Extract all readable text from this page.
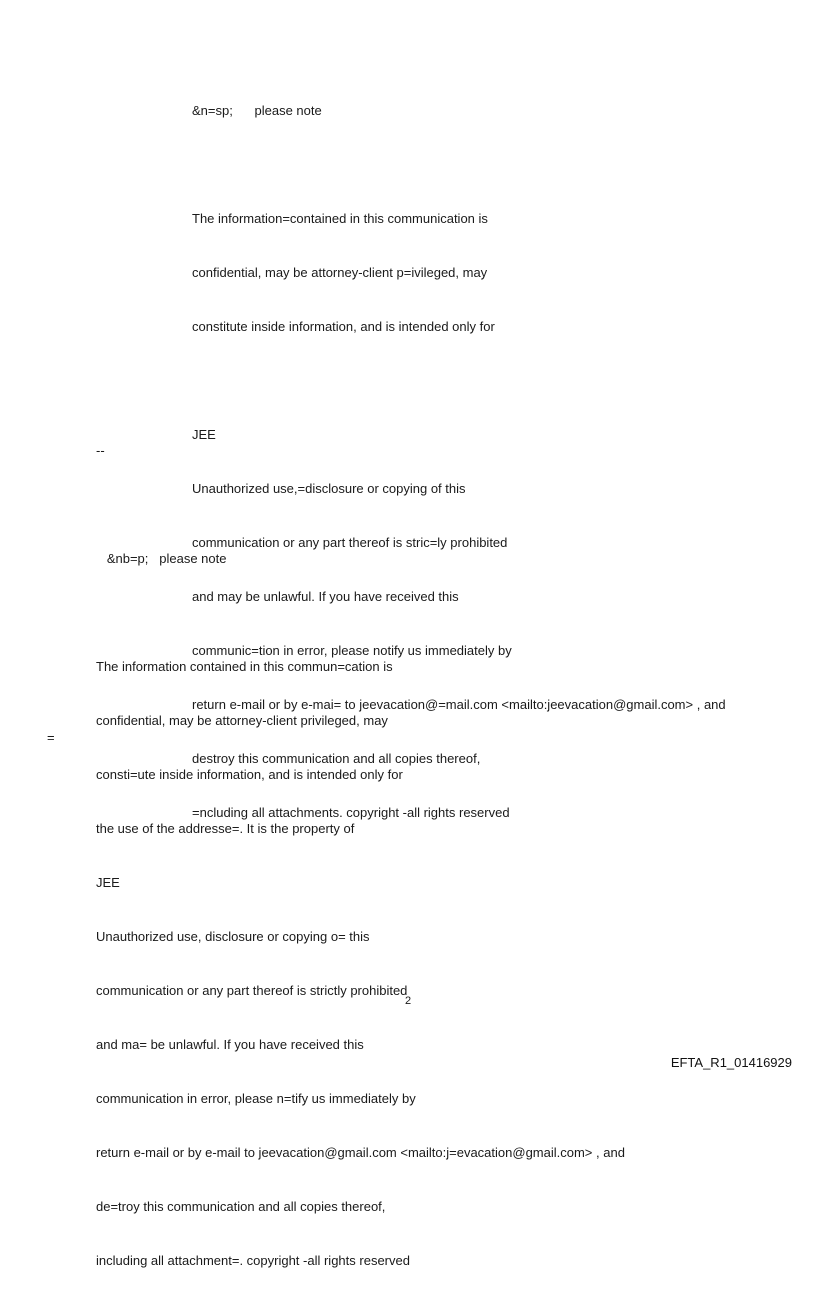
&n=sp;      please note

The information=contained in this communication is

confidential, may be attorney-client p=ivileged, may

constitute inside information, and is intended only for

JEE

Unauthorized use,=disclosure or copying of this

communication or any part thereof is stric=ly prohibited

and may be unlawful. If you have received this

communic=tion in error, please notify us immediately by

return e-mail or by e-mai= to jeevacation@=mail.com <mailto:jeevacation@gmail.com> , and

destroy this communication and all copies thereof,

=ncluding all attachments. copyright -all rights reserved

--

&nb=p;   please note

The information contained in this commun=cation is

confidential, may be attorney-client privileged, may

consti=ute inside information, and is intended only for

the use of the addresse=. It is the property of

JEE

Unauthorized use, disclosure or copying o= this

communication or any part thereof is strictly prohibited

and ma= be unlawful. If you have received this

communication in error, please n=tify us immediately by

return e-mail or by e-mail to jeevacation@gmail.com <mailto:j=evacation@gmail.com> , and

de=troy this communication and all copies thereof,

including all attachment=. copyright -all rights reserved

=
2
EFTA_R1_01416929
